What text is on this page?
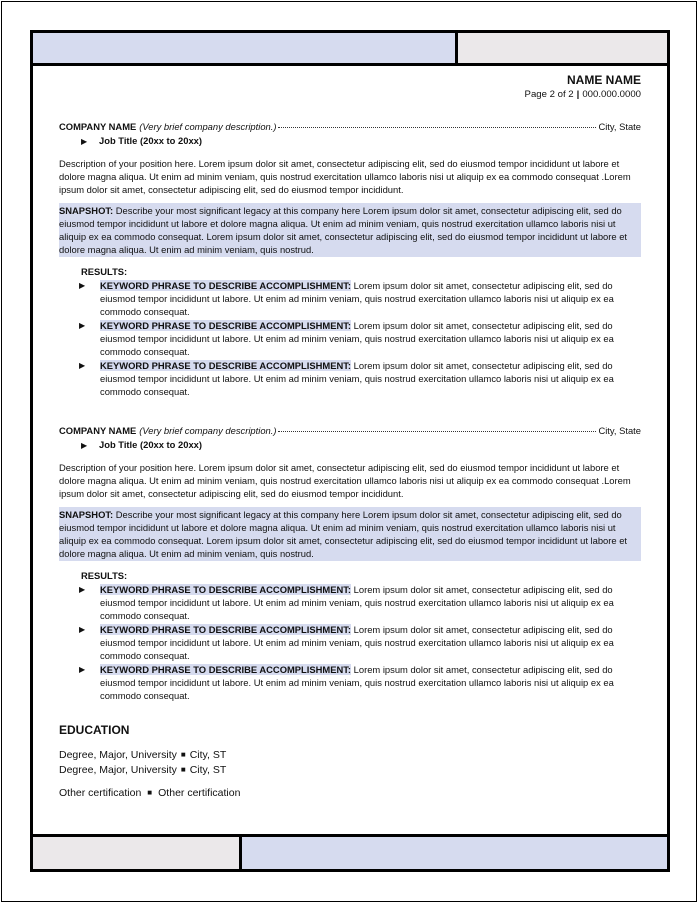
NAME NAME
Page 2 of 2 | 000.000.0000
COMPANY NAME (Very brief company description.)	City, State
▶	Job Title (20xx to 20xx)
Description of your position here. Lorem ipsum dolor sit amet, consectetur adipiscing elit, sed do eiusmod tempor incididunt ut labore et dolore magna aliqua. Ut enim ad minim veniam, quis nostrud exercitation ullamco laboris nisi ut aliquip ex ea commodo consequat .Lorem ipsum dolor sit amet, consectetur adipiscing elit, sed do eiusmod tempor incididunt.
SNAPSHOT: Describe your most significant legacy at this company here Lorem ipsum dolor sit amet, consectetur adipiscing elit, sed do eiusmod tempor incididunt ut labore et dolore magna aliqua. Ut enim ad minim veniam, quis nostrud exercitation ullamco laboris nisi ut aliquip ex ea commodo consequat. Lorem ipsum dolor sit amet, consectetur adipiscing elit, sed do eiusmod tempor incididunt ut labore et dolore magna aliqua. Ut enim ad minim veniam, quis nostrud.
RESULTS:
▶	KEYWORD PHRASE TO DESCRIBE ACCOMPLISHMENT: Lorem ipsum dolor sit amet, consectetur adipiscing elit, sed do eiusmod tempor incididunt ut labore. Ut enim ad minim veniam, quis nostrud exercitation ullamco laboris nisi ut aliquip ex ea commodo consequat.
▶	KEYWORD PHRASE TO DESCRIBE ACCOMPLISHMENT: Lorem ipsum dolor sit amet, consectetur adipiscing elit, sed do eiusmod tempor incididunt ut labore. Ut enim ad minim veniam, quis nostrud exercitation ullamco laboris nisi ut aliquip ex ea commodo consequat.
▶	KEYWORD PHRASE TO DESCRIBE ACCOMPLISHMENT: Lorem ipsum dolor sit amet, consectetur adipiscing elit, sed do eiusmod tempor incididunt ut labore. Ut enim ad minim veniam, quis nostrud exercitation ullamco laboris nisi ut aliquip ex ea commodo consequat.
COMPANY NAME (Very brief company description.)	City, State
▶	Job Title (20xx to 20xx)
Description of your position here. Lorem ipsum dolor sit amet, consectetur adipiscing elit, sed do eiusmod tempor incididunt ut labore et dolore magna aliqua. Ut enim ad minim veniam, quis nostrud exercitation ullamco laboris nisi ut aliquip ex ea commodo consequat .Lorem ipsum dolor sit amet, consectetur adipiscing elit, sed do eiusmod tempor incididunt.
SNAPSHOT: Describe your most significant legacy at this company here Lorem ipsum dolor sit amet, consectetur adipiscing elit, sed do eiusmod tempor incididunt ut labore et dolore magna aliqua. Ut enim ad minim veniam, quis nostrud exercitation ullamco laboris nisi ut aliquip ex ea commodo consequat. Lorem ipsum dolor sit amet, consectetur adipiscing elit, sed do eiusmod tempor incididunt ut labore et dolore magna aliqua. Ut enim ad minim veniam, quis nostrud.
RESULTS:
▶	KEYWORD PHRASE TO DESCRIBE ACCOMPLISHMENT: Lorem ipsum dolor sit amet, consectetur adipiscing elit, sed do eiusmod tempor incididunt ut labore. Ut enim ad minim veniam, quis nostrud exercitation ullamco laboris nisi ut aliquip ex ea commodo consequat.
▶	KEYWORD PHRASE TO DESCRIBE ACCOMPLISHMENT: Lorem ipsum dolor sit amet, consectetur adipiscing elit, sed do eiusmod tempor incididunt ut labore. Ut enim ad minim veniam, quis nostrud exercitation ullamco laboris nisi ut aliquip ex ea commodo consequat.
▶	KEYWORD PHRASE TO DESCRIBE ACCOMPLISHMENT: Lorem ipsum dolor sit amet, consectetur adipiscing elit, sed do eiusmod tempor incididunt ut labore. Ut enim ad minim veniam, quis nostrud exercitation ullamco laboris nisi ut aliquip ex ea commodo consequat.
EDUCATION
Degree, Major, University ■ City, ST
Degree, Major, University ■ City, ST
Other certification ■ Other certification
